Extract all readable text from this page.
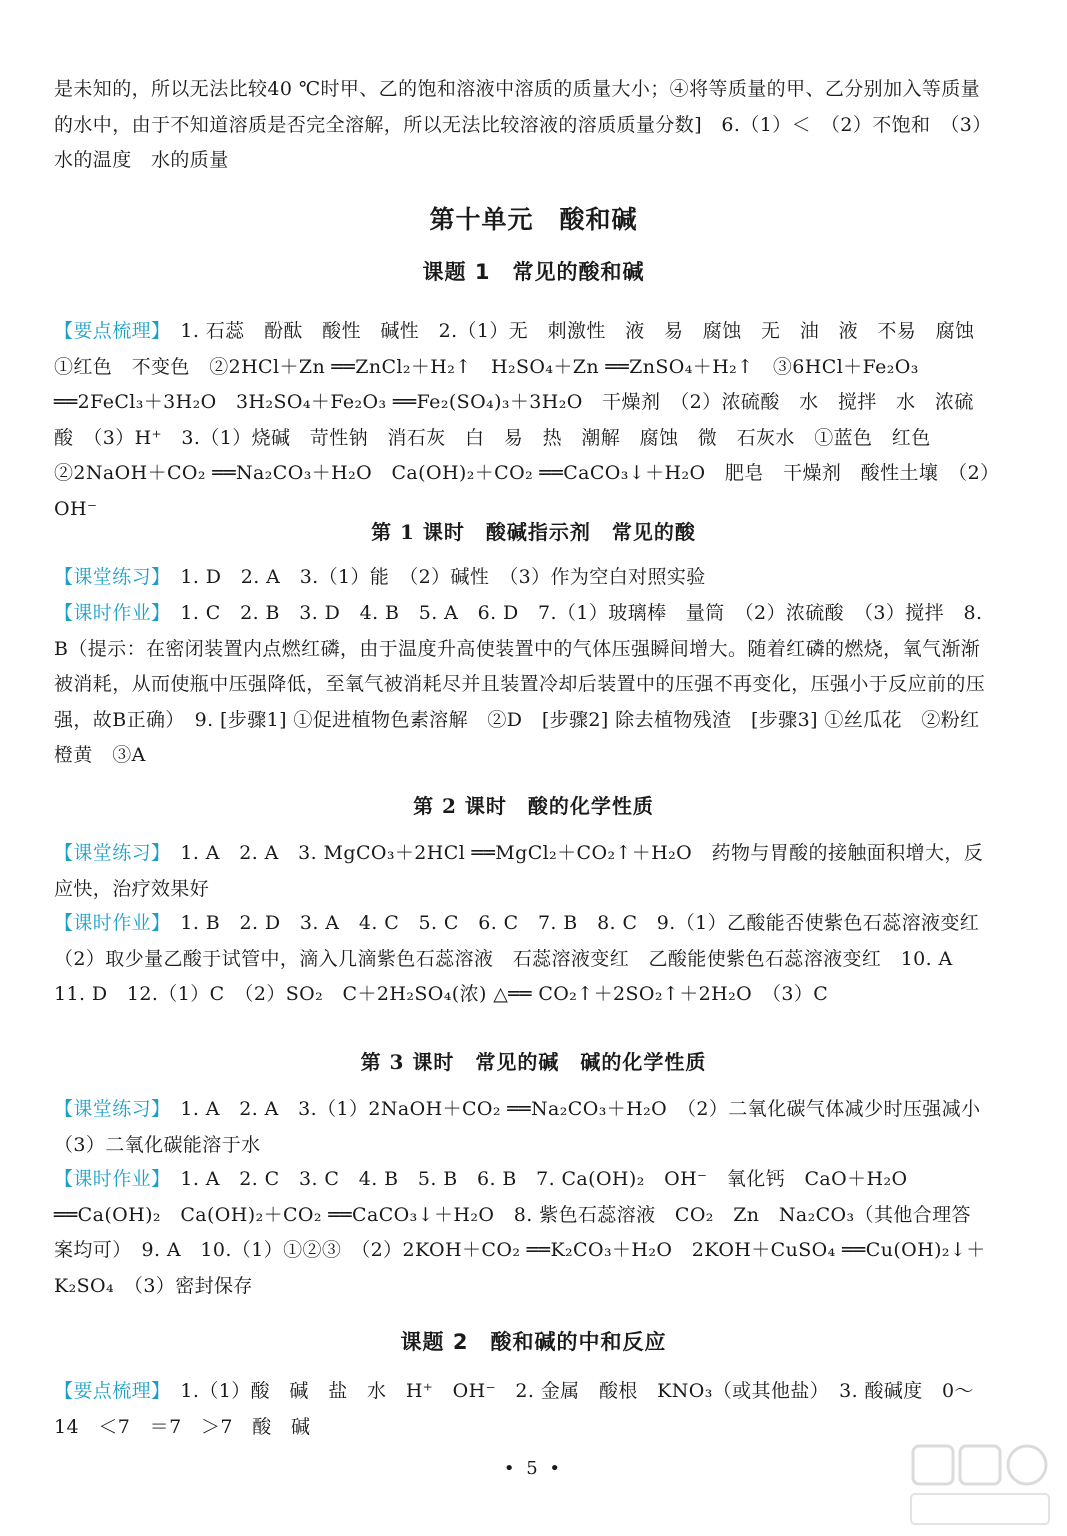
是未知的，所以无法比较40 ℃时甲、乙的饱和溶液中溶质的质量大小；④将等质量的甲、乙分别加入等质量的水中，由于不知道溶质是否完全溶解，所以无法比较溶液的溶质质量分数]　6.（1）＜　（2）不饱和　（3）水的温度　水的质量

第十单元　酸和碱
课题 1　常见的酸和碱

【要点梳理】 1. 石蕊　酚酞　酸性　碱性　2.（1）无　刺激性　液　易　腐蚀　无　油　液　不易　腐蚀　①红色　不变色　②2HCl＋Zn ══ZnCl₂＋H₂↑　H₂SO₄＋Zn ══ZnSO₄＋H₂↑　③6HCl＋Fe₂O₃ ══2FeCl₃＋3H₂O　3H₂SO₄＋Fe₂O₃ ══Fe₂(SO₄)₃＋3H₂O　干燥剂　（2）浓硫酸　水　搅拌　水　浓硫酸　（3）H⁺　3.（1）烧碱　苛性钠　消石灰　白　易　热　潮解　腐蚀　微　石灰水　①蓝色　红色　②2NaOH＋CO₂ ══Na₂CO₃＋H₂O　Ca(OH)₂＋CO₂ ══CaCO₃↓＋H₂O　肥皂　干燥剂　酸性土壤　（2）OH⁻

第 1 课时　酸碱指示剂　常见的酸

【课堂练习】 1. D　2. A　3.（1）能　（2）碱性　（3）作为空白对照实验

【课时作业】 1. C　2. B　3. D　4. B　5. A　6. D　7.（1）玻璃棒　量筒　（2）浓硫酸　（3）搅拌　8. B（提示：在密闭装置内点燃红磷，由于温度升高使装置中的气体压强瞬间增大。随着红磷的燃烧，氧气渐渐被消耗，从而使瓶中压强降低，至氧气被消耗尽并且装置冷却后装置中的压强不再变化，压强小于反应前的压强，故B正确）　9. [步骤1] ①促进植物色素溶解　②D　[步骤2] 除去植物残渣　[步骤3] ①丝瓜花　②粉红　橙黄　③A

第 2 课时　酸的化学性质

【课堂练习】 1. A　2. A　3. MgCO₃＋2HCl ══MgCl₂＋CO₂↑＋H₂O　药物与胃酸的接触面积增大，反应快，治疗效果好

【课时作业】 1. B　2. D　3. A　4. C　5. C　6. C　7. B　8. C　9.（1）乙酸能否使紫色石蕊溶液变红　（2）取少量乙酸于试管中，滴入几滴紫色石蕊溶液　石蕊溶液变红　乙酸能使紫色石蕊溶液变红　10. A　11. D　12.（1）C　（2）SO₂　C＋2H₂SO₄(浓) △══ CO₂↑＋2SO₂↑＋2H₂O　（3）C

第 3 课时　常见的碱　碱的化学性质

【课堂练习】 1. A　2. A　3.（1）2NaOH＋CO₂ ══Na₂CO₃＋H₂O　（2）二氧化碳气体减少时压强减小　（3）二氧化碳能溶于水

【课时作业】 1. A　2. C　3. C　4. B　5. B　6. B　7. Ca(OH)₂　OH⁻　氧化钙　CaO＋H₂O ══Ca(OH)₂　Ca(OH)₂＋CO₂ ══CaCO₃↓＋H₂O　8. 紫色石蕊溶液　CO₂　Zn　Na₂CO₃（其他合理答案均可）　9. A　10.（1）①②③　（2）2KOH＋CO₂ ══K₂CO₃＋H₂O　2KOH＋CuSO₄ ══Cu(OH)₂↓＋K₂SO₄　（3）密封保存

课题 2　酸和碱的中和反应

【要点梳理】 1.（1）酸　碱　盐　水　H⁺　OH⁻　2. 金属　酸根　KNO₃（或其他盐）　3. 酸碱度　0～14　＜7　＝7　＞7　酸　碱

• 5 •
